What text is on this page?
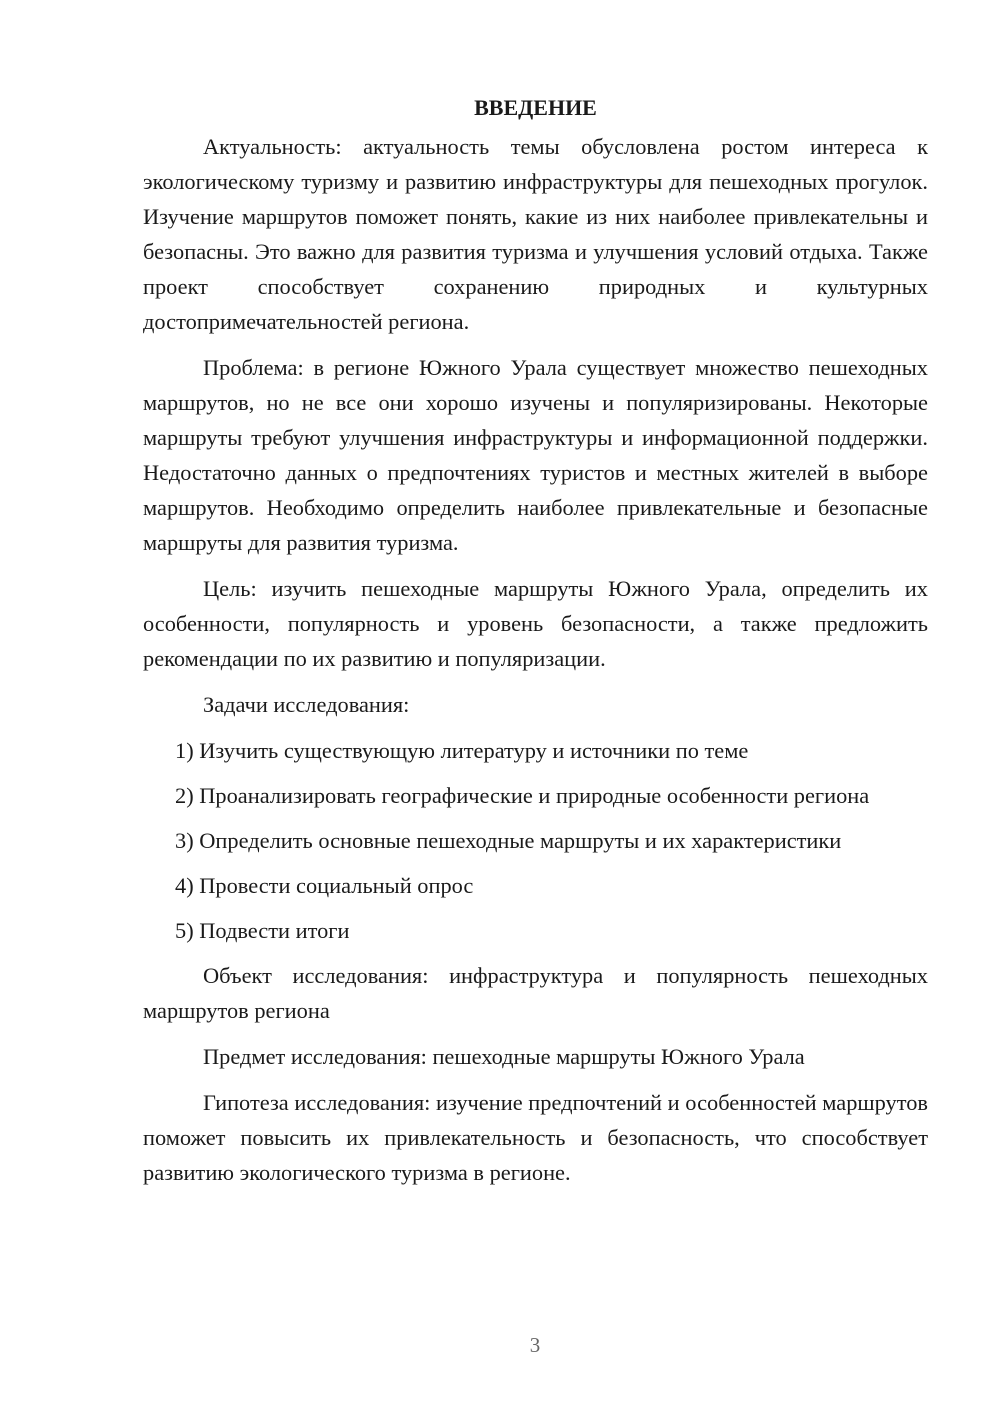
ВВЕДЕНИЕ

Актуальность: актуальность темы обусловлена ростом интереса к экологическому туризму и развитию инфраструктуры для пешеходных прогулок. Изучение маршрутов поможет понять, какие из них наиболее привлекательны и безопасны. Это важно для развития туризма и улучшения условий отдыха. Также проект способствует сохранению природных и культурных достопримечательностей региона.

Проблема: в регионе Южного Урала существует множество пешеходных маршрутов, но не все они хорошо изучены и популяризированы. Некоторые маршруты требуют улучшения инфраструктуры и информационной поддержки. Недостаточно данных о предпочтениях туристов и местных жителей в выборе маршрутов. Необходимо определить наиболее привлекательные и безопасные маршруты для развития туризма.

Цель: изучить пешеходные маршруты Южного Урала, определить их особенности, популярность и уровень безопасности, а также предложить рекомендации по их развитию и популяризации.

Задачи исследования:

1) Изучить существующую литературу и источники по теме

2) Проанализировать географические и природные особенности региона

3) Определить основные пешеходные маршруты и их характеристики

4) Провести социальный опрос

5) Подвести итоги

Объект исследования: инфраструктура и популярность пешеходных маршрутов региона

Предмет исследования: пешеходные маршруты Южного Урала

Гипотеза исследования: изучение предпочтений и особенностей маршрутов поможет повысить их привлекательность и безопасность, что способствует развитию экологического туризма в регионе.

3
